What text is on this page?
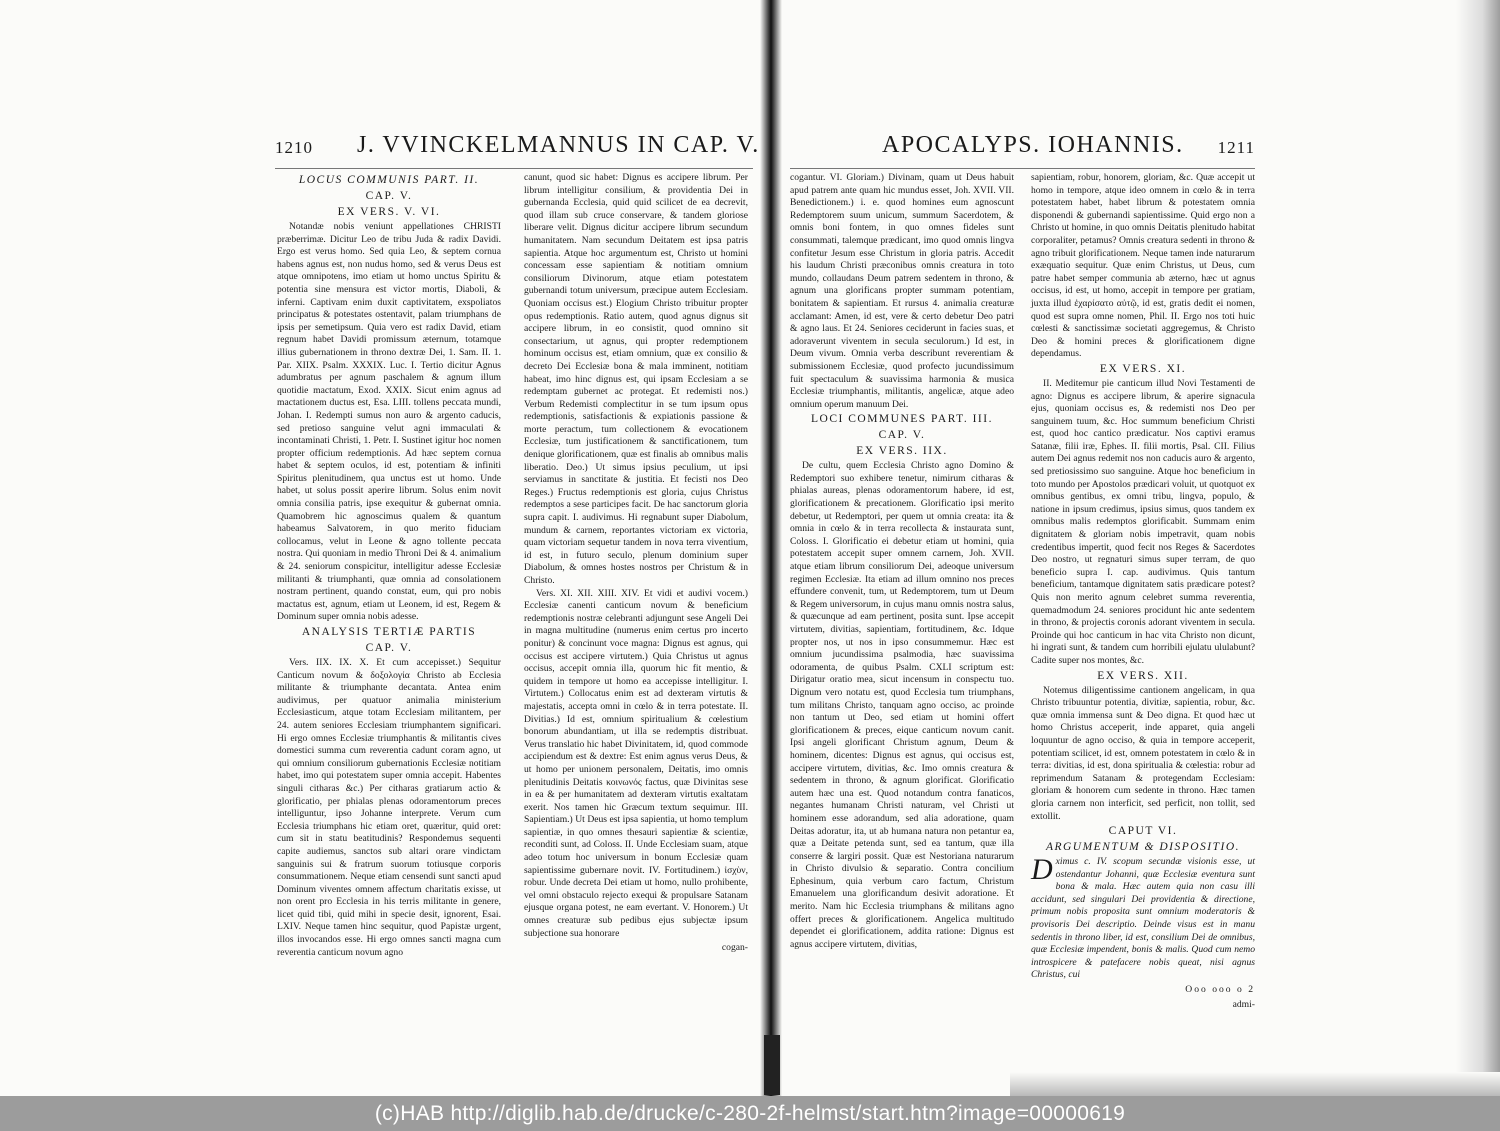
1210 J. VVINCKELMANNUS IN CAP. V.
LOCUS COMMUNIS PART. II.
CAP. V.
EX VERS. V. VI.

Notandæ nobis veniunt appellationes CHRISTI præberrimæ. Dicitur Leo de tribu Juda & radix Davidi. Ergo est verus homo. Sed quia Leo, & septem cornua habens agnus est, non nudus homo, sed & verus Deus est atque omnipotens, imo etiam ut homo unctus Spiritu & potentia sine mensura est victor mortis, Diaboli, & inferni. Captivam enim duxit captivitatem, exspoliatos principatus & potestates ostentavit, palam triumphans de ipsis per semetipsum. Quia vero est radix David, etiam regnum habet Davidi promissum æternum, totamque illius gubernationem in throno dextræ Dei, 1. Sam. II. 1. Par. XIIX. Psalm. XXXIX. Luc. I. Tertio dicitur Agnus adumbratus per agnum paschalem & agnum illum quotidie mactatum, Exod. XXIX. Sicut enim agnus ad mactationem ductus est, Esa. LIII. tollens peccata mundi, Johan. I. Redempti sumus non auro & argento caducis, sed pretioso sanguine velut agni immaculati & incontaminati Christi, 1. Petr. I. Sustinet igitur hoc nomen propter officium redemptionis. Ad hæc septem cornua habet & septem oculos, id est, potentiam & infiniti Spiritus plenitudinem, qua unctus est ut homo. Unde habet, ut solus possit aperire librum. Solus enim novit omnia consilia patris, ipse exequitur & gubernat omnia. Quamobrem hic agnoscimus qualem & quantum habeamus Salvatorem, in quo merito fiduciam collocamus, velut in Leone & agno tollente peccata nostra. Qui quoniam in medio Throni Dei & 4. animalium & 24. seniorum conspicitur, intelligitur adesse Ecclesiæ militanti & triumphanti, quæ omnia ad consolationem nostram pertinent, quando constat, eum, qui pro nobis mactatus est, agnum, etiam ut Leonem, id est, Regem & Dominum super omnia nobis adesse.

ANALYSIS TERTIÆ PARTIS
CAP. V.

Vers. IIX. IX. X. Et cum accepisset.) Sequitur Canticum novum & δοξολογία Christo ab Ecclesia militante & triumphante decantata. Antea enim audivimus, per quatuor animalia ministerium Ecclesiasticum, atque totam Ecclesiam militantem, per 24. autem seniores Ecclesiam triumphantem significari. Hi ergo omnes Ecclesiæ triumphantis & militantis cives domestici summa cum reverentia cadunt coram agno, ut qui omnium consiliorum gubernationis Ecclesiæ notitiam habet, imo qui potestatem super omnia accepit. Habentes singuli citharas &c.) Per citharas gratiarum actio & glorificatio, per phialas plenas odoramentorum preces intelliguntur, ipso Johanne interprete. Verum cum Ecclesia triumphans hic etiam oret, quæritur, quid oret: cum sit in statu beatitudinis? Respondemus sequenti capite audiemus, sanctos sub altari orare vindictam sanguinis sui & fratrum suorum totiusque corporis consummationem. Neque etiam censendi sunt sancti apud Dominum viventes omnem affectum charitatis exisse, ut non orent pro Ecclesia in his terris militante in genere, licet quid tibi, quid mihi in specie desit, ignorent, Esai. LXIV. Neque tamen hinc sequitur, quod Papistæ urgent, illos invocandos esse. Hi ergo omnes sancti magna cum reverentia canticum novum agno

canunt, quod sic habet: Dignus es accipere librum. Per librum intelligitur consilium, & providentia Dei in gubernanda Ecclesia, quid quid scilicet de ea decrevit, quod illam sub cruce conservare, & tandem gloriose liberare velit. Dignus dicitur accipere librum secundum humanitatem. Nam secundum Deitatem est ipsa patris sapientia. Atque hoc argumentum est, Christo ut homini concessam esse sapientiam & notitiam omnium consiliorum Divinorum, atque etiam potestatem gubernandi totum universum, præcipue autem Ecclesiam. Quoniam occisus est.) Elogium Christo tribuitur propter opus redemptionis. Ratio autem, quod agnus dignus sit accipere librum, in eo consistit, quod omnino sit consectarium, ut agnus, qui propter redemptionem hominum occisus est, etiam omnium, quæ ex consilio & decreto Dei Ecclesiæ bona & mala imminent, notitiam habeat, imo hinc dignus est, qui ipsam Ecclesiam a se redemptam gubernet ac protegat. Et redemisti nos.) Verbum Redemisti complectitur in se tum ipsum opus redemptionis, satisfactionis & expiationis passione & morte peractum, tum collectionem & evocationem Ecclesiæ, tum justificationem & sanctificationem, tum denique glorificationem, quæ est finalis ab omnibus malis liberatio. Deo.) Ut simus ipsius peculium, ut ipsi serviamus in sanctitate & justitia. Et fecisti nos Deo Reges.) Fructus redemptionis est gloria, cujus Christus redemptos a sese participes facit. De hac sanctorum gloria supra capit. I. audivimus. Hi regnabunt super Diabolum, mundum & carnem, reportantes victoriam ex victoria, quam victoriam sequetur tandem in nova terra viventium, id est, in futuro seculo, plenum dominium super Diabolum, & omnes hostes nostros per Christum & in Christo.

Vers. XI. XII. XIII. XIV. Et vidi et audivi vocem.) Ecclesiæ canenti canticum novum & beneficium redemptionis nostræ celebranti adjungunt sese Angeli Dei in magna multitudine (numerus enim certus pro incerto ponitur) & concinunt voce magna: Dignus est agnus, qui occisus est accipere virtutem.) Quia Christus ut agnus occisus, accepit omnia illa, quorum hic fit mentio, & quidem in tempore ut homo ea accepisse intelligitur. I. Virtutem.) Collocatus enim est ad dexteram virtutis & majestatis, accepta omni in cœlo & in terra potestate. II. Divitias.) Id est, omnium spiritualium & cœlestium bonorum abundantiam, ut illa se redemptis distribuat. Verus translatio hic habet Divinitatem, id, quod commode accipiendum est & dextre: Est enim agnus verus Deus, & ut homo per unionem personalem, Deitatis, imo omnis plenitudinis Deitatis κοινωνός factus, quæ Divinitas sese in ea & per humanitatem ad dexteram virtutis exaltatam exerit. Nos tamen hic Græcum textum sequimur. III. Sapientiam.) Ut Deus est ipsa sapientia, ut homo templum sapientiæ, in quo omnes thesauri sapientiæ & scientiæ, reconditi sunt, ad Coloss. II. Unde Ecclesiam suam, atque adeo totum hoc universum in bonum Ecclesiæ quam sapientissime gubernare novit. IV. Fortitudinem.) ἰσχὺν, robur. Unde decreta Dei etiam ut homo, nullo prohibente, vel omni obstaculo rejecto exequi & propulsare Satanam ejusque organa potest, ne eam evertant. V. Honorem.) Ut omnes creaturæ sub pedibus ejus subjectæ ipsum subjectione sua honorare

cogan-
APOCALYPS. IOHANNIS. 1211

cogantur. VI. Gloriam.) Divinam, quam ut Deus habuit apud patrem ante quam hic mundus esset, Joh. XVII. VII. Benedictionem.) i. e. quod homines eum agnoscunt Redemptorem suum unicum, summum Sacerdotem, & omnis boni fontem, in quo omnes fideles sunt consummati, talemque prædicant, imo quod omnis lingva confitetur Jesum esse Christum in gloria patris. Accedit his laudum Christi præconibus omnis creatura in toto mundo, collaudans Deum patrem sedentem in throno, & agnum una glorificans propter summam potentiam, bonitatem & sapientiam. Et rursus 4. animalia creaturæ acclamant: Amen, id est, vere & certo debetur Deo patri & agno laus. Et 24. Seniores ceciderunt in facies suas, et adoraverunt viventem in secula seculorum.) Id est, in Deum vivum. Omnia verba describunt reverentiam & submissionem Ecclesiæ, quod profecto jucundissimum fuit spectaculum & suavissima harmonia & musica Ecclesiæ triumphantis, militantis, angelicæ, atque adeo omnium operum manuum Dei.

LOCI COMMUNES PART. III.
CAP. V.
EX VERS. IIX.

De cultu, quem Ecclesia Christo agno Domino & Redemptori suo exhibere tenetur, nimirum citharas & phialas aureas, plenas odoramentorum habere, id est, glorificationem & precationem. Glorificatio ipsi merito debetur, ut Redemptori, per quem ut omnia creata: ita & omnia in cœlo & in terra recollecta & instaurata sunt, Coloss. I. Glorificatio ei debetur etiam ut homini, quia potestatem accepit super omnem carnem, Joh. XVII. atque etiam librum consiliorum Dei, adeoque universum regimen Ecclesiæ. Ita etiam ad illum omnino nos preces effundere convenit, tum, ut Redemptorem, tum ut Deum & Regem universorum, in cujus manu omnis nostra salus, & quæcunque ad eam pertinent, posita sunt. Ipse accepit virtutem, divitias, sapientiam, fortitudinem, &c. Idque propter nos, ut nos in ipso consummemur. Hæc est omnium jucundissima psalmodia, hæc suavissima odoramenta, de quibus Psalm. CXLI scriptum est: Dirigatur oratio mea, sicut incensum in conspectu tuo. Dignum vero notatu est, quod Ecclesia tum triumphans, tum militans Christo, tanquam agno occiso, ac proinde non tantum ut Deo, sed etiam ut homini offert glorificationem & preces, eique canticum novum canit. Ipsi angeli glorificant Christum agnum, Deum & hominem, dicentes: Dignus est agnus, qui occisus est, accipere virtutem, divitias, &c. Imo omnis creatura & sedentem in throno, & agnum glorificat. Glorificatio autem hæc una est. Quod notandum contra fanaticos, negantes humanam Christi naturam, vel Christi ut hominem esse adorandum, sed alia adoratione, quam Deitas adoratur, ita, ut ab humana natura non petantur ea, quæ a Deitate petenda sunt, sed ea tantum, quæ illa conserre & largiri possit. Quæ est Nestoriana naturarum in Christo divulsio & separatio. Contra concilium Ephesinum, quia verbum caro factum, Christum Emanuelem una glorificandum desivit adoratione. Et merito. Nam hic Ecclesia triumphans & militans agno offert preces & glorificationem. Angelica multitudo dependet ei glorificationem, addita ratione: Dignus est agnus accipere virtutem, divitias,

sapientiam, robur, honorem, gloriam, &c. Quæ accepit ut homo in tempore, atque ideo omnem in cœlo & in terra potestatem habet, habet librum & potestatem omnia disponendi & gubernandi sapientissime. Quid ergo non a Christo ut homine, in quo omnis Deitatis plenitudo habitat corporaliter, petamus? Omnis creatura sedenti in throno & agno tribuit glorificationem. Neque tamen inde naturarum exæquatio sequitur. Quæ enim Christus, ut Deus, cum patre habet semper communia ab æterno, hæc ut agnus occisus, id est, ut homo, accepit in tempore per gratiam, juxta illud ἐχαρίσατο αὐτῷ, id est, gratis dedit ei nomen, quod est supra omne nomen, Phil. II. Ergo nos toti huic cœlesti & sanctissimæ societati aggregemus, & Christo Deo & homini preces & glorificationem digne dependamus.

EX VERS. XI.

II. Meditemur pie canticum illud Novi Testamenti de agno: Dignus es accipere librum, & aperire signacula ejus, quoniam occisus es, & redemisti nos Deo per sanguinem tuum, &c. Hoc summum beneficium Christi est, quod hoc cantico prædicatur. Nos captivi eramus Satanæ, filii iræ, Ephes. II. filii mortis, Psal. CII. Filius autem Dei agnus redemit nos non caducis auro & argento, sed pretiosissimo suo sanguine. Atque hoc beneficium in toto mundo per Apostolos prædicari voluit, ut quotquot ex omnibus gentibus, ex omni tribu, lingva, populo, & natione in ipsum credimus, ipsius simus, quos tandem ex omnibus malis redemptos glorificabit. Summam enim dignitatem & gloriam nobis impetravit, quam nobis credentibus impertit, quod fecit nos Reges & Sacerdotes Deo nostro, ut regnaturi simus super terram, de quo beneficio supra I. cap. audivimus. Quis tantum beneficium, tantamque dignitatem satis prædicare potest? Quis non merito agnum celebret summa reverentia, quemadmodum 24. seniores procidunt hic ante sedentem in throno, & projectis coronis adorant viventem in secula. Proinde qui hoc canticum in hac vita Christo non dicunt, hi ingrati sunt, & tandem cum horribili ejulatu ululabunt? Cadite super nos montes, &c.

EX VERS. XII.

Notemus diligentissime cantionem angelicam, in qua Christo tribuuntur potentia, divitiæ, sapientia, robur, &c. quæ omnia immensa sunt & Deo digna. Et quod hæc ut homo Christus acceperit, inde apparet, quia angeli loquuntur de agno occiso, & quia in tempore acceperit, potentiam scilicet, id est, omnem potestatem in cœlo & in terra: divitias, id est, dona spiritualia & cœlestia: robur ad reprimendum Satanam & protegendam Ecclesiam: gloriam & honorem cum sedente in throno. Hæc tamen gloria carnem non interficit, sed perficit, non tollit, sed extollit.

CAPUT VI.
ARGUMENTUM & DISPOSITIO.

Dximus c. IV. scopum secundæ visionis esse, ut ostendantur Johanni, quæ Ecclesiæ eventura sunt bona & mala. Hæc autem quia non casu illi accidunt, sed singulari Dei providentia & directione, primum nobis proposita sunt omnium moderatoris & provisoris Dei descriptio. Deinde visus est in manu sedentis in throno liber, id est, consilium Dei de omnibus, quæ Ecclesiæ impendent, bonis & malis. Quod cum nemo introspicere & patefacere nobis queat, nisi agnus Christus, cui

Ooo ooo o 2
admi-
(c)HAB http://diglib.hab.de/drucke/c-280-2f-helmst/start.htm?image=00000619
